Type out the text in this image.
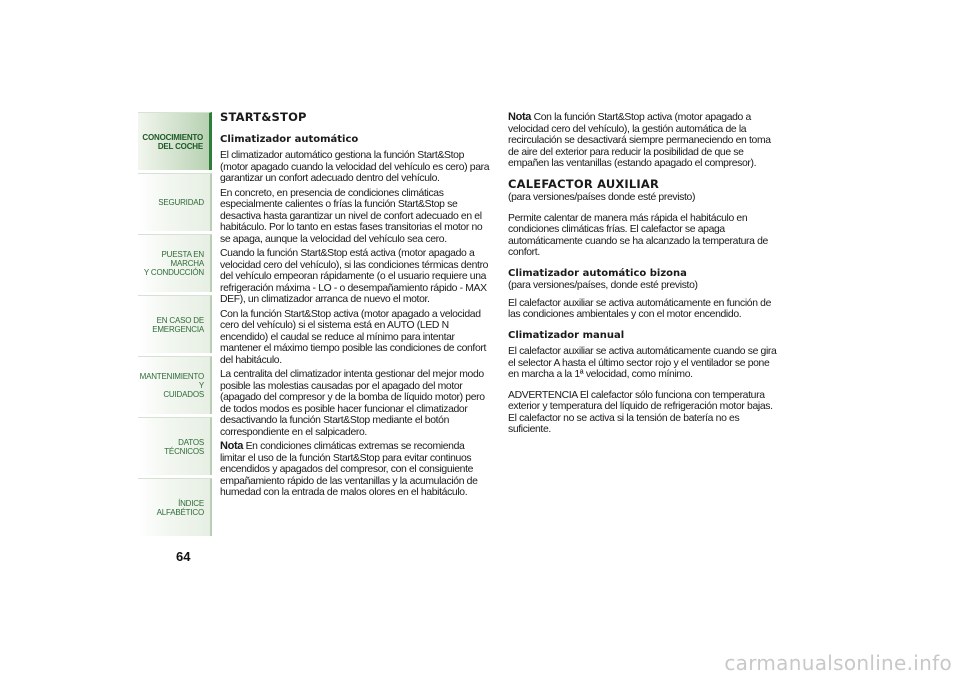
CONOCIMIENTO
DEL COCHE
SEGURIDAD
PUESTA EN MARCHA
Y CONDUCCIÓN
EN CASO DE
EMERGENCIA
MANTENIMIENTO Y
CUIDADOS
DATOS TÉCNICOS
ÍNDICE ALFABÉTICO
64
START&STOP
Climatizador automático

El climatizador automático gestiona la función Start&Stop (motor apagado cuando la velocidad del vehículo es cero) para garantizar un confort adecuado dentro del vehículo.

En concreto, en presencia de condiciones climáticas especialmente calientes o frías la función Start&Stop se desactiva hasta garantizar un nivel de confort adecuado en el habitáculo. Por lo tanto en estas fases transitorias el motor no se apaga, aunque la velocidad del vehículo sea cero.

Cuando la función Start&Stop está activa (motor apagado a velocidad cero del vehículo), si las condiciones térmicas dentro del vehículo empeoran rápidamente (o el usuario requiere una refrigeración máxima - LO - o desempañamiento rápido - MAX DEF), un climatizador arranca de nuevo el motor.

Con la función Start&Stop activa (motor apagado a velocidad cero del vehículo) si el sistema está en AUTO (LED N encendido) el caudal se reduce al mínimo para intentar mantener el máximo tiempo posible las condiciones de confort del habitáculo.

La centralita del climatizador intenta gestionar del mejor modo posible las molestias causadas por el apagado del motor (apagado del compresor y de la bomba de líquido motor) pero de todos modos es posible hacer funcionar el climatizador desactivando la función Start&Stop mediante el botón correspondiente en el salpicadero.

Nota En condiciones climáticas extremas se recomienda limitar el uso de la función Start&Stop para evitar continuos encendidos y apagados del compresor, con el consiguiente empañamiento rápido de las ventanillas y la acumulación de humedad con la entrada de malos olores en el habitáculo.

Nota Con la función Start&Stop activa (motor apagado a velocidad cero del vehículo), la gestión automática de la recirculación se desactivará siempre permaneciendo en toma de aire del exterior para reducir la posibilidad de que se empañen las ventanillas (estando apagado el compresor).

CALEFACTOR AUXILIAR

(para versiones/países donde esté previsto)

Permite calentar de manera más rápida el habitáculo en condiciones climáticas frías. El calefactor se apaga automáticamente cuando se ha alcanzado la temperatura de confort.

Climatizador automático bizona

(para versiones/países, donde esté previsto)

El calefactor auxiliar se activa automáticamente en función de las condiciones ambientales y con el motor encendido.

Climatizador manual

El calefactor auxiliar se activa automáticamente cuando se gira el selector A hasta el último sector rojo y el ventilador se pone en marcha a la 1ª velocidad, como mínimo.

ADVERTENCIA El calefactor sólo funciona con temperatura exterior y temperatura del líquido de refrigeración motor bajas. El calefactor no se activa si la tensión de batería no es suficiente.

carmanualsonline.info
